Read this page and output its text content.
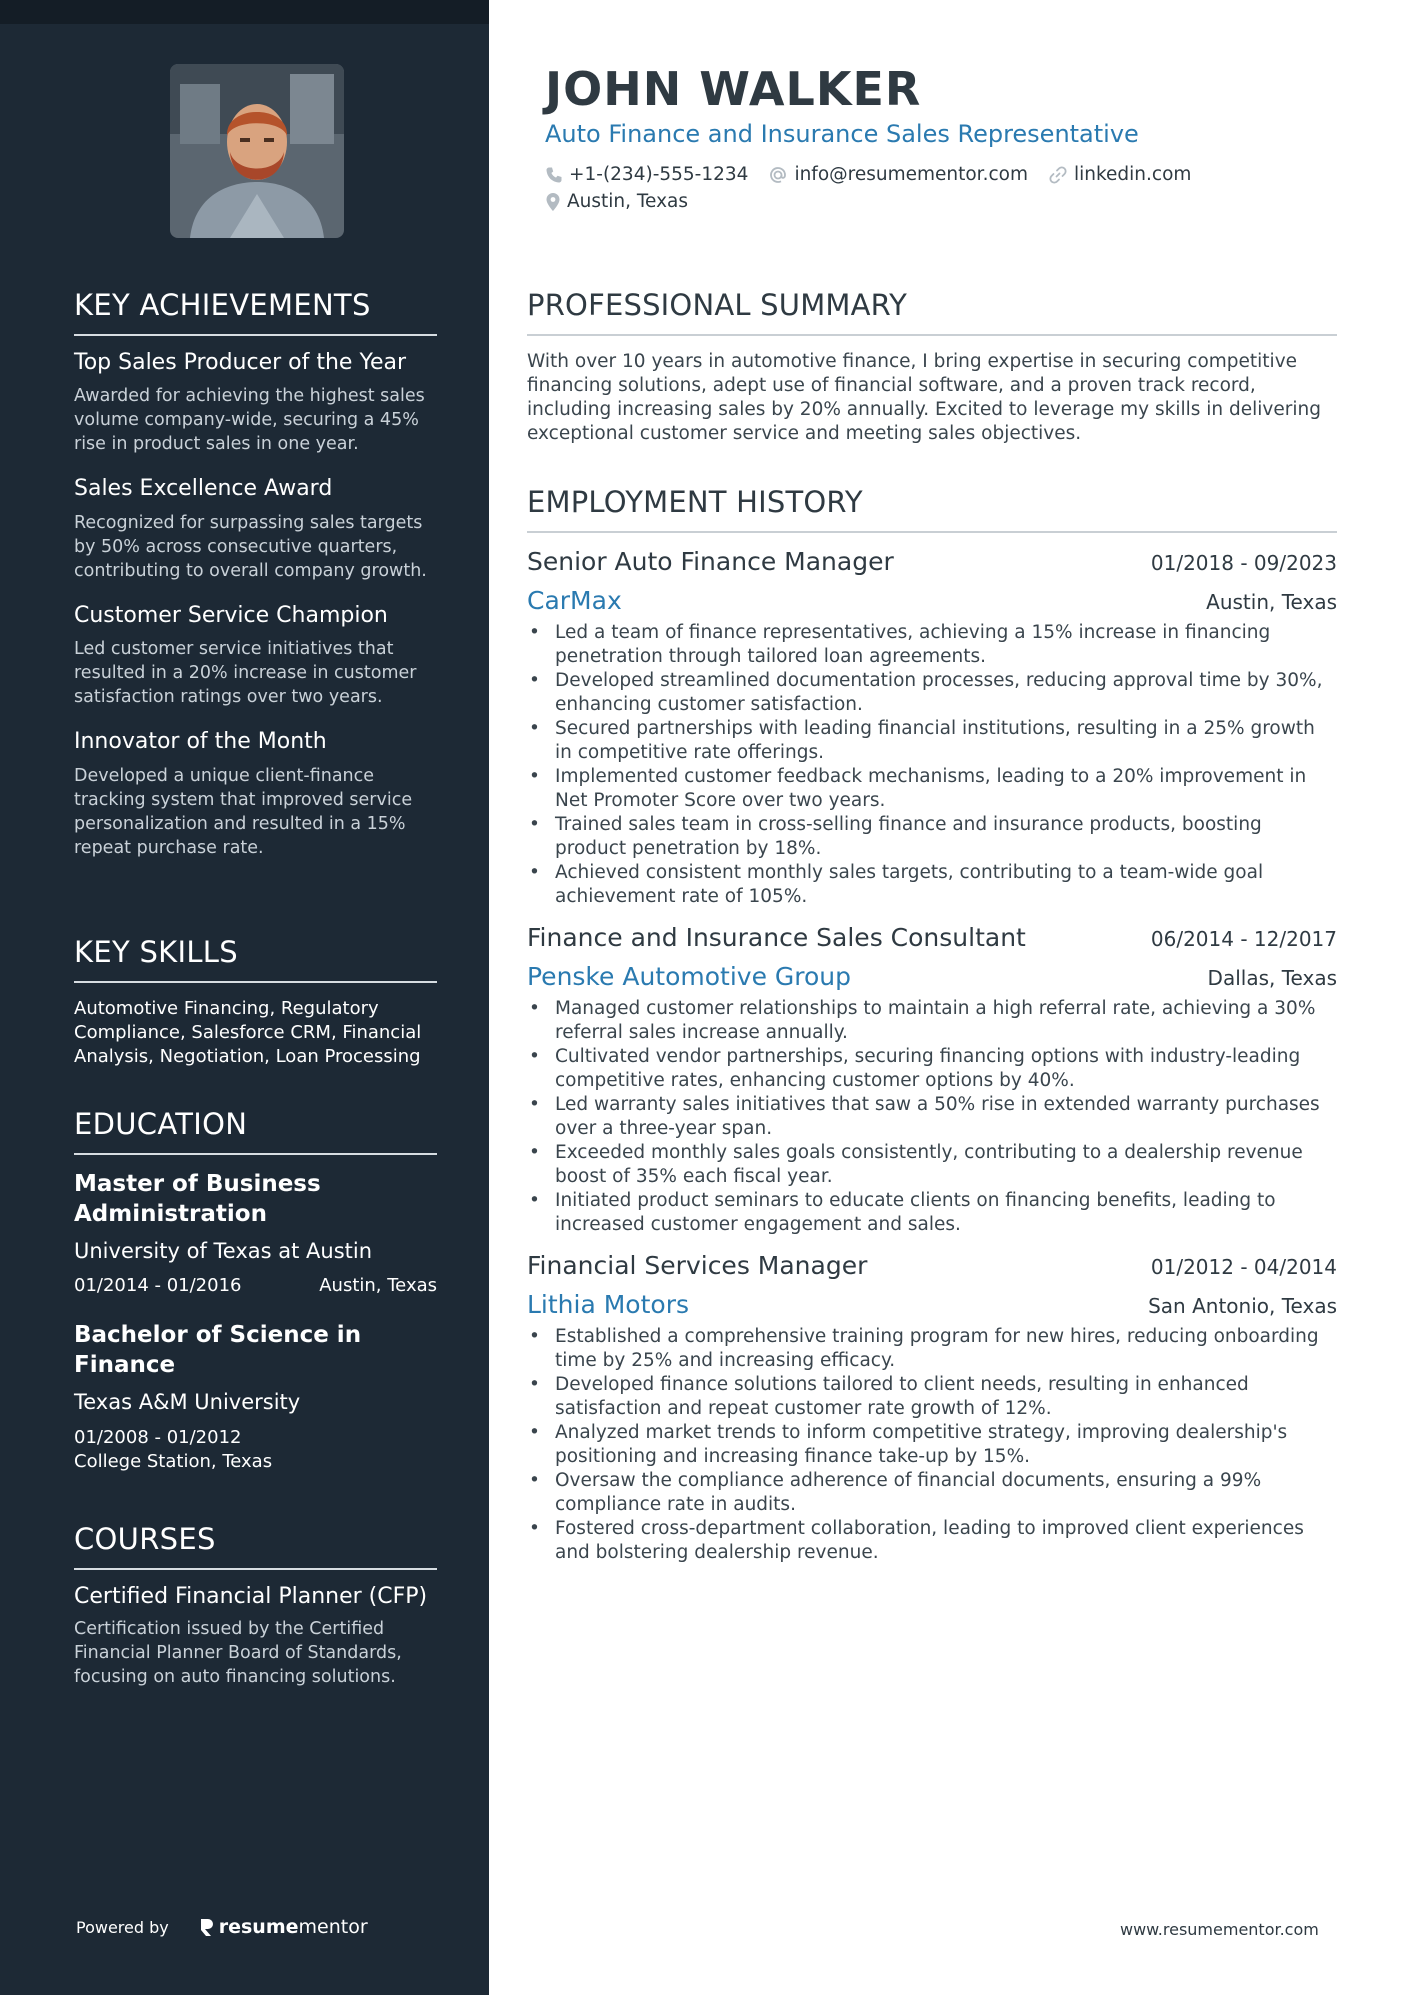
KEY ACHIEVEMENTS
Top Sales Producer of the Year
Awarded for achieving the highest sales volume company-wide, securing a 45% rise in product sales in one year.
Sales Excellence Award
Recognized for surpassing sales targets by 50% across consecutive quarters, contributing to overall company growth.
Customer Service Champion
Led customer service initiatives that resulted in a 20% increase in customer satisfaction ratings over two years.
Innovator of the Month
Developed a unique client-finance tracking system that improved service personalization and resulted in a 15% repeat purchase rate.
KEY SKILLS
Automotive Financing, Regulatory Compliance, Salesforce CRM, Financial Analysis, Negotiation, Loan Processing
EDUCATION
Master of Business Administration
University of Texas at Austin
01/2014 - 01/2016	Austin, Texas
Bachelor of Science in Finance
Texas A&M University
01/2008 - 01/2012
College Station, Texas
COURSES
Certified Financial Planner (CFP)
Certification issued by the Certified Financial Planner Board of Standards, focusing on auto financing solutions.
Powered by	resume mentor
JOHN WALKER
Auto Finance and Insurance Sales Representative
+1-(234)-555-1234 info@resumementor.com linkedin.com
Austin, Texas
PROFESSIONAL SUMMARY
With over 10 years in automotive finance, I bring expertise in securing competitive financing solutions, adept use of financial software, and a proven track record, including increasing sales by 20% annually. Excited to leverage my skills in delivering exceptional customer service and meeting sales objectives.
EMPLOYMENT HISTORY
Senior Auto Finance Manager	01/2018 - 09/2023
CarMax	Austin, Texas
• Led a team of finance representatives, achieving a 15% increase in financing penetration through tailored loan agreements.
• Developed streamlined documentation processes, reducing approval time by 30%, enhancing customer satisfaction.
• Secured partnerships with leading financial institutions, resulting in a 25% growth in competitive rate offerings.
• Implemented customer feedback mechanisms, leading to a 20% improvement in Net Promoter Score over two years.
• Trained sales team in cross-selling finance and insurance products, boosting product penetration by 18%.
• Achieved consistent monthly sales targets, contributing to a team-wide goal achievement rate of 105%.
Finance and Insurance Sales Consultant	06/2014 - 12/2017
Penske Automotive Group	Dallas, Texas
• Managed customer relationships to maintain a high referral rate, achieving a 30% referral sales increase annually.
• Cultivated vendor partnerships, securing financing options with industry-leading competitive rates, enhancing customer options by 40%.
• Led warranty sales initiatives that saw a 50% rise in extended warranty purchases over a three-year span.
• Exceeded monthly sales goals consistently, contributing to a dealership revenue boost of 35% each fiscal year.
• Initiated product seminars to educate clients on financing benefits, leading to increased customer engagement and sales.
Financial Services Manager	01/2012 - 04/2014
Lithia Motors	San Antonio, Texas
• Established a comprehensive training program for new hires, reducing onboarding time by 25% and increasing efficacy.
• Developed finance solutions tailored to client needs, resulting in enhanced satisfaction and repeat customer rate growth of 12%.
• Analyzed market trends to inform competitive strategy, improving dealership's positioning and increasing finance take-up by 15%.
• Oversaw the compliance adherence of financial documents, ensuring a 99% compliance rate in audits.
• Fostered cross-department collaboration, leading to improved client experiences and bolstering dealership revenue.
www.resumementor.com
